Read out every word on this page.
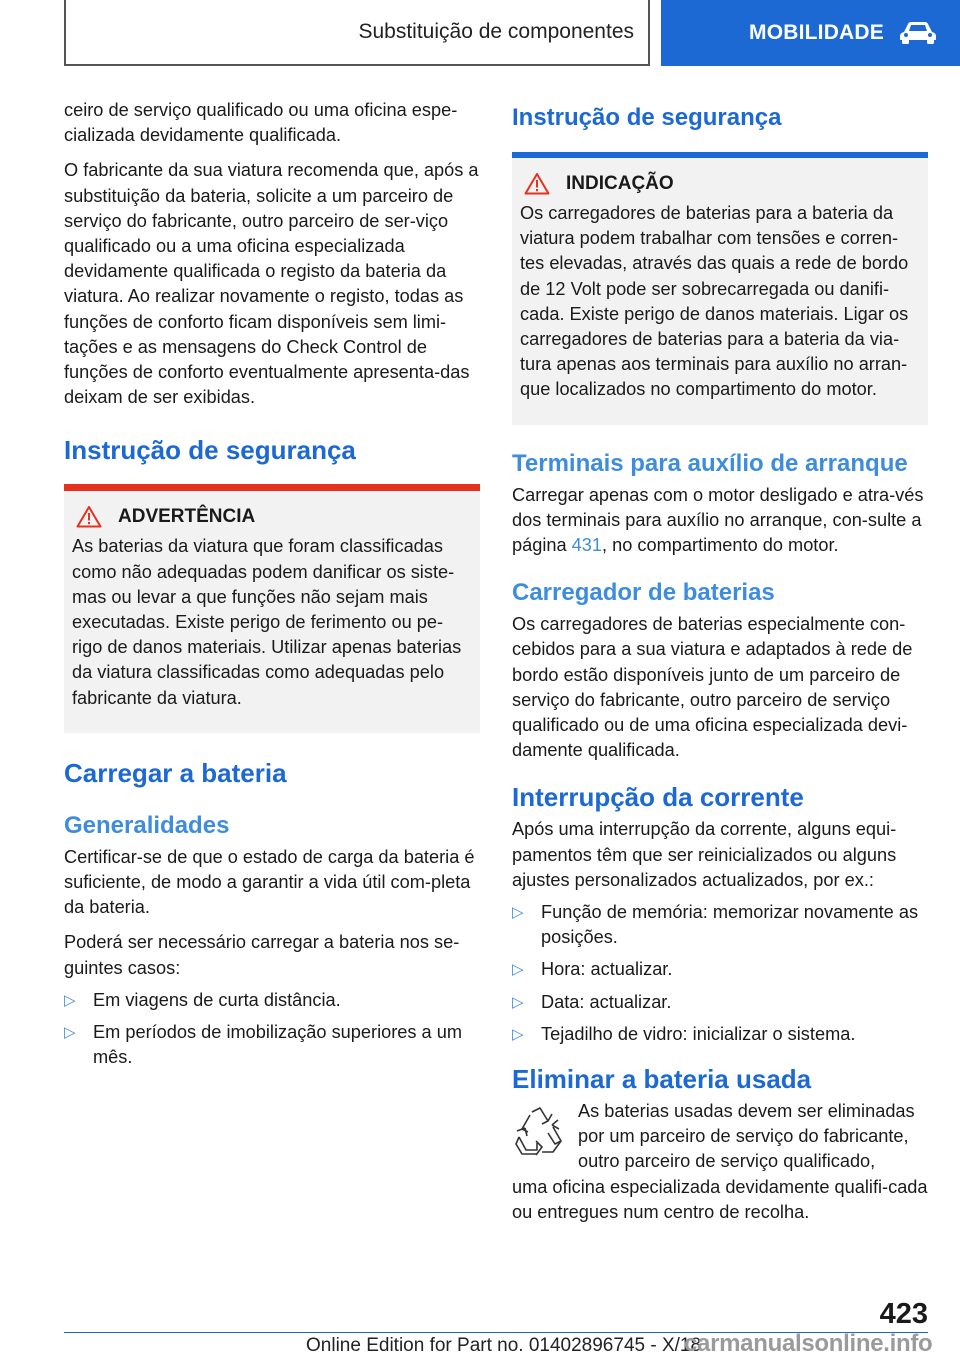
Substituição de componentes	MOBILIDADE

ceiro de serviço qualificado ou uma oficina espe-cializada devidamente qualificada.

O fabricante da sua viatura recomenda que, após a substituição da bateria, solicite a um parceiro de serviço do fabricante, outro parceiro de ser-viço qualificado ou a uma oficina especializada devidamente qualificada o registo da bateria da viatura. Ao realizar novamente o registo, todas as funções de conforto ficam disponíveis sem limi-tações e as mensagens do Check Control de funções de conforto eventualmente apresenta-das deixam de ser exibidas.

Instrução de segurança
ADVERTÊNCIA

As baterias da viatura que foram classificadas como não adequadas podem danificar os siste-mas ou levar a que funções não sejam mais executadas. Existe perigo de ferimento ou pe-rigo de danos materiais. Utilizar apenas baterias da viatura classificadas como adequadas pelo fabricante da viatura.

Carregar a bateria
Generalidades

Certificar-se de que o estado de carga da bateria é suficiente, de modo a garantir a vida útil com-pleta da bateria.

Poderá ser necessário carregar a bateria nos se-guintes casos:

▷ Em viagens de curta distância.
▷ Em períodos de imobilização superiores a um mês.
Instrução de segurança
INDICAÇÃO

Os carregadores de baterias para a bateria da viatura podem trabalhar com tensões e corren-tes elevadas, através das quais a rede de bordo de 12 Volt pode ser sobrecarregada ou danifi-cada. Existe perigo de danos materiais. Ligar os carregadores de baterias para a bateria da via-tura apenas aos terminais para auxílio no arran-que localizados no compartimento do motor.

Terminais para auxílio de arranque

Carregar apenas com o motor desligado e atra-vés dos terminais para auxílio no arranque, con-sulte a página 431, no compartimento do motor.

Carregador de baterias

Os carregadores de baterias especialmente con-cebidos para a sua viatura e adaptados à rede de bordo estão disponíveis junto de um parceiro de serviço do fabricante, outro parceiro de serviço qualificado ou de uma oficina especializada devi-damente qualificada.

Interrupção da corrente

Após uma interrupção da corrente, alguns equi-pamentos têm que ser reinicializados ou alguns ajustes personalizados actualizados, por ex.:

▷ Função de memória: memorizar novamente as posições.
▷ Hora: actualizar.
▷ Data: actualizar.
▷ Tejadilho de vidro: inicializar o sistema.
Eliminar a bateria usada

As baterias usadas devem ser eliminadas por um parceiro de serviço do fabricante, outro parceiro de serviço qualificado,

uma oficina especializada devidamente qualifi-cada ou entregues num centro de recolha.

423
Online Edition for Part no. 01402896745 - X/18
carmanualsonline.info
